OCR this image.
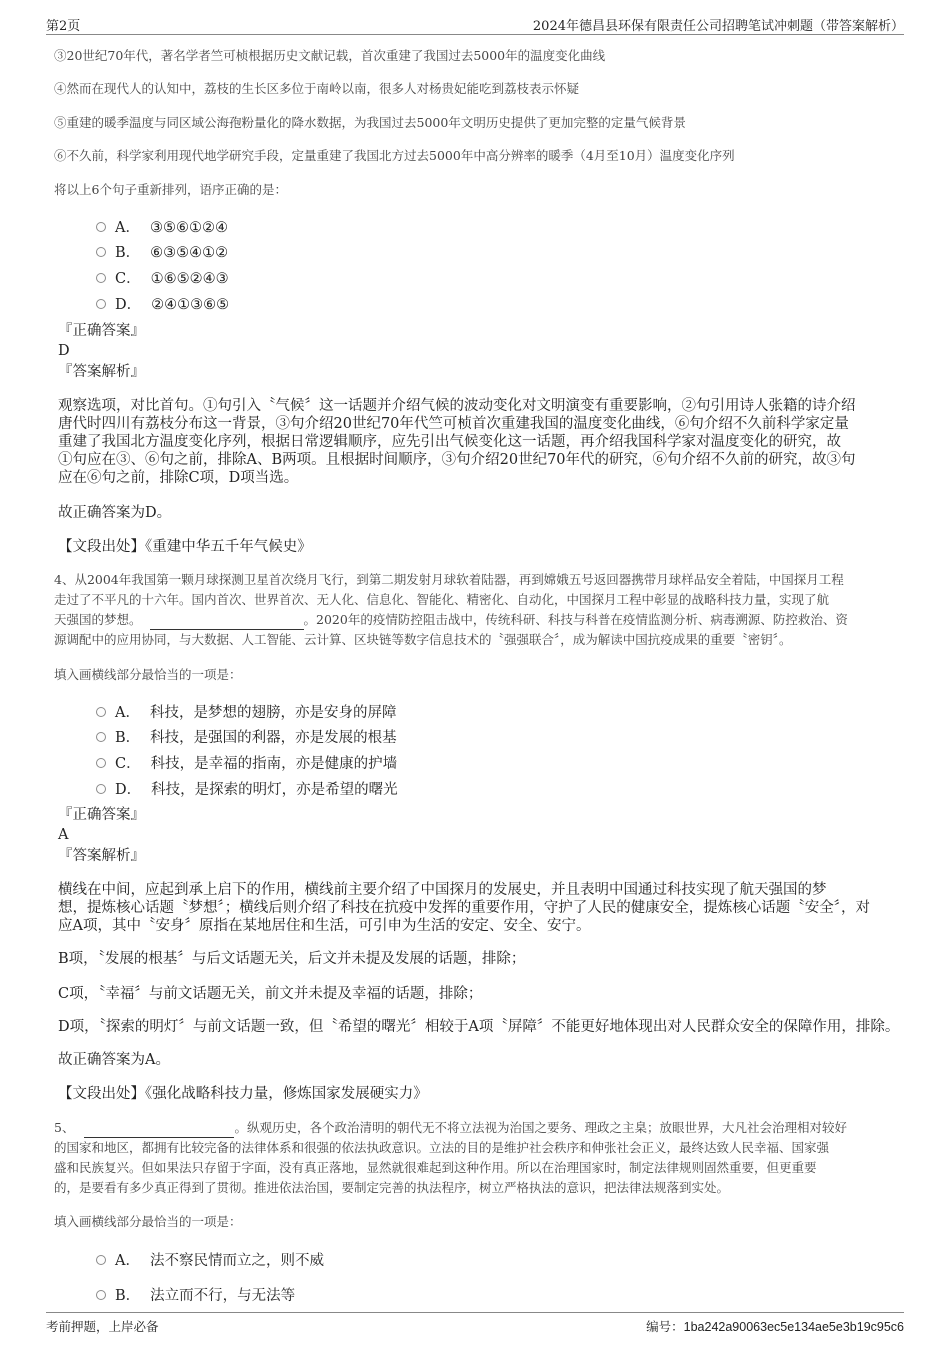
第2页	2024年德昌县环保有限责任公司招聘笔试冲刺题（带答案解析）
③20世纪70年代，著名学者竺可桢根据历史文献记载，首次重建了我国过去5000年的温度变化曲线
④然而在现代人的认知中，荔枝的生长区多位于南岭以南，很多人对杨贵妃能吃到荔枝表示怀疑
⑤重建的暖季温度与同区域公海孢粉量化的降水数据，为我国过去5000年文明历史提供了更加完整的定量气候背景
⑥不久前，科学家利用现代地学研究手段，定量重建了我国北方过去5000年中高分辨率的暖季（4月至10月）温度变化序列
将以上6个句子重新排列，语序正确的是：
A． ③⑤⑥①②④
B． ⑥③⑤④①②
C． ①⑥⑤②④③
D． ②④①③⑥⑤
『正确答案』
D
『答案解析』
观察选项，对比首句。①句引入〝气候〞这一话题并介绍气候的波动变化对文明演变有重要影响，②句引用诗人张籍的诗介绍
唐代时四川有荔枝分布这一背景，③句介绍20世纪70年代竺可桢首次重建我国的温度变化曲线，⑥句介绍不久前科学家定量
重建了我国北方温度变化序列，根据日常逻辑顺序，应先引出气候变化这一话题，再介绍我国科学家对温度变化的研究，故
①句应在③、⑥句之前，排除A、B两项。且根据时间顺序，③句介绍20世纪70年代的研究，⑥句介绍不久前的研究，故③句
应在⑥句之前，排除C项，D项当选。
故正确答案为D。
【文段出处】《重建中华五千年气候史》
4、从2004年我国第一颗月球探测卫星首次绕月飞行，到第二期发射月球软着陆器，再到嫦娥五号返回器携带月球样品安全着陆，中国探月工程
走过了不平凡的十六年。国内首次、世界首次、无人化、信息化、智能化、精密化、自动化，中国探月工程中彰显的战略科技力量，实现了航
天强国的梦想。	。2020年的疫情防控阻击战中，传统科研、科技与科普在疫情监测分析、病毒溯源、防控救治、资
源调配中的应用协同，与大数据、人工智能、云计算、区块链等数字信息技术的〝强强联合〞，成为解读中国抗疫成果的重要〝密钥〞。
填入画横线部分最恰当的一项是：
A． 科技，是梦想的翅膀，亦是安身的屏障
B． 科技，是强国的利器，亦是发展的根基
C． 科技，是幸福的指南，亦是健康的护墙
D． 科技，是探索的明灯，亦是希望的曙光
『正确答案』
A
『答案解析』
横线在中间，应起到承上启下的作用，横线前主要介绍了中国探月的发展史，并且表明中国通过科技实现了航天强国的梦
想，提炼核心话题〝梦想〞；横线后则介绍了科技在抗疫中发挥的重要作用，守护了人民的健康安全，提炼核心话题〝安全〞，对
应A项，其中〝安身〞原指在某地居住和生活，可引申为生活的安定、安全、安宁。
B项，〝发展的根基〞与后文话题无关，后文并未提及发展的话题，排除；
C项，〝幸福〞与前文话题无关，前文并未提及幸福的话题，排除；
D项，〝探索的明灯〞与前文话题一致，但〝希望的曙光〞相较于A项〝屏障〞不能更好地体现出对人民群众安全的保障作用，排除。
故正确答案为A。
【文段出处】《强化战略科技力量，修炼国家发展硬实力》
5、	。纵观历史，各个政治清明的朝代无不将立法视为治国之要务、理政之主臬；放眼世界，大凡社会治理相对较好
的国家和地区，都拥有比较完备的法律体系和很强的依法执政意识。立法的目的是维护社会秩序和伸张社会正义，最终达致人民幸福、国家强
盛和民族复兴。但如果法只存留于字面，没有真正落地，显然就很难起到这种作用。所以在治理国家时，制定法律规则固然重要，但更重要
的，是要看有多少真正得到了贯彻。推进依法治国，要制定完善的执法程序，树立严格执法的意识，把法律法规落到实处。
填入画横线部分最恰当的一项是：
A． 法不察民情而立之，则不威
B． 法立而不行，与无法等
考前押题，上岸必备	编号：1ba242a90063ec5e134ae5e3b19c95c6
